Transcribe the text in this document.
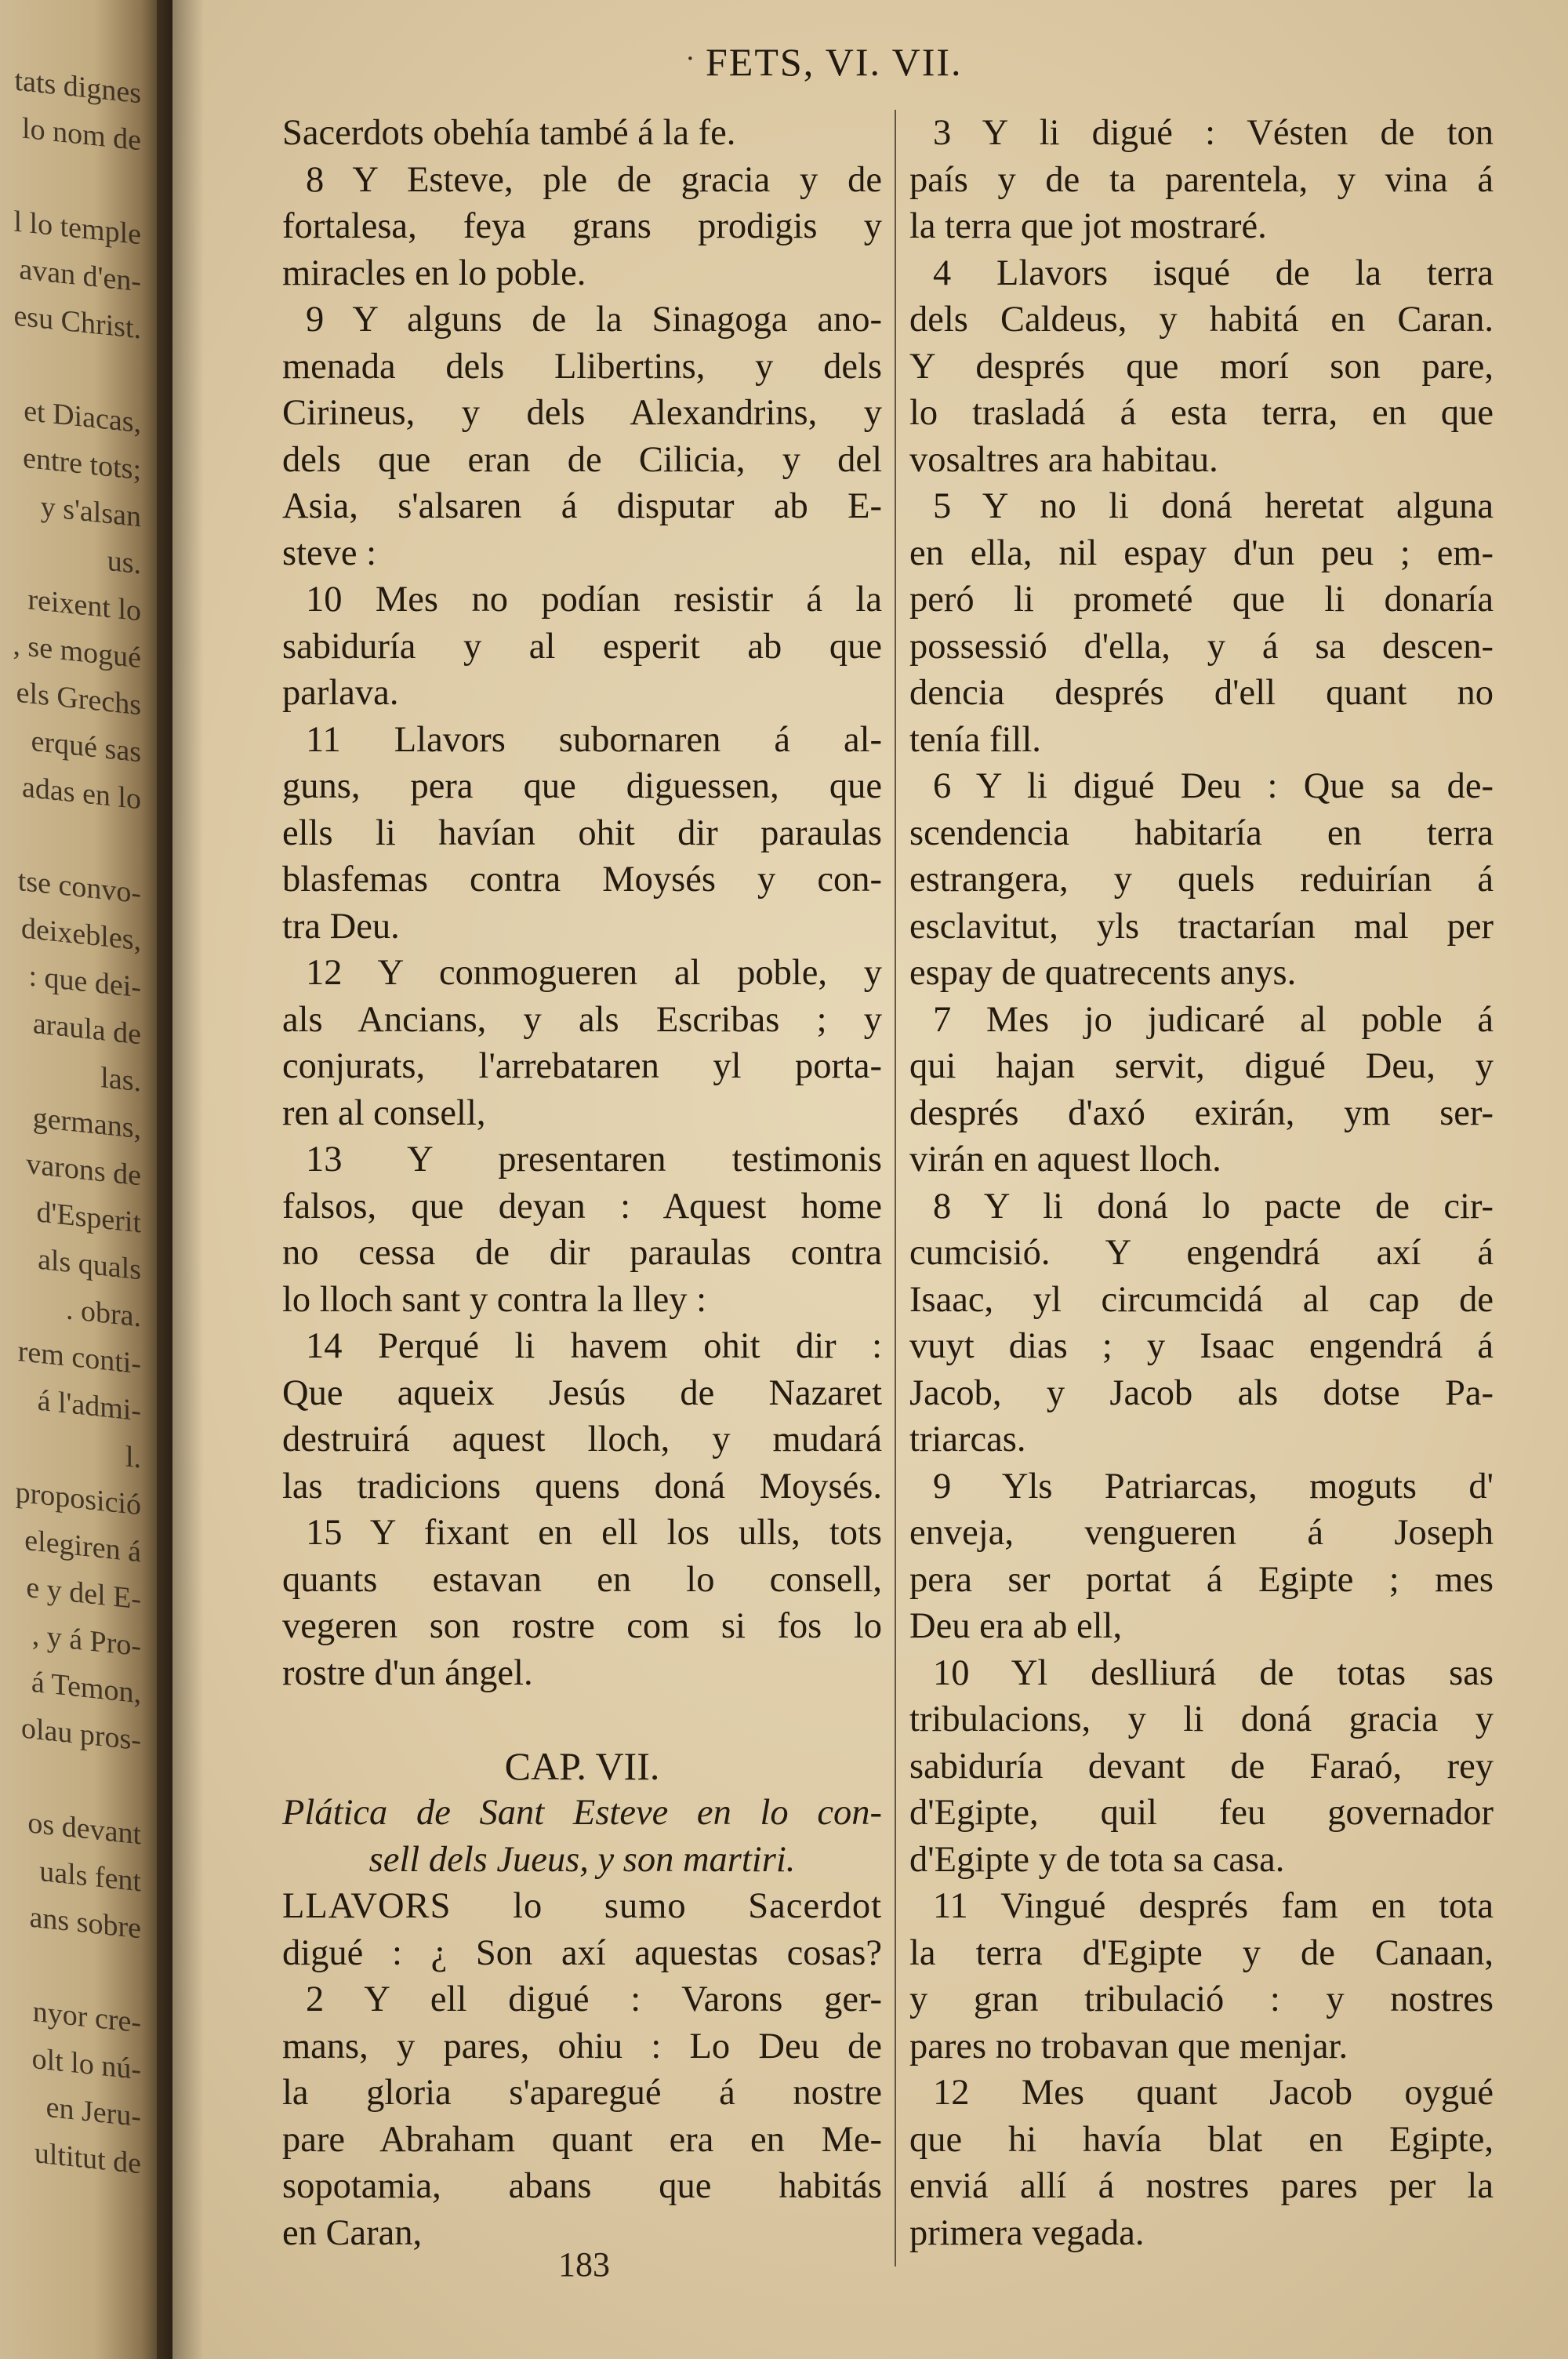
tats dignes
lo nom de

l lo temple
avan d'en-
esu Christ.

et Diacas,
entre tots;
y s'alsan
us.
reixent lo
, se mogué
els Grechs
erqué sas
adas en lo

tse convo-
deixebles,
: que dei-
araula de
las.
germans,
varons de
d'Esperit
als quals
. obra.
rem conti-
á l'admi-
l.
proposició
elegiren á
e y del E-
, y á Pro-
á Temon,
olau pros-

os devant
uals fent
ans sobre

nyor cre-
olt lo nú-
en Jeru-
ultitut de
· FETS, VI. VII.
Sacerdots obehía també á la fe.
8 Y Esteve, ple de gracia y de
fortalesa, feya grans prodigis y
miracles en lo poble.
9 Y alguns de la Sinagoga ano-
menada dels Llibertins, y dels
Cirineus, y dels Alexandrins, y
dels que eran de Cilicia, y del
Asia, s'alsaren á disputar ab E-
steve :
10 Mes no podían resistir á la
sabiduría y al esperit ab que
parlava.
11 Llavors subornaren á al-
guns, pera que diguessen, que
ells li havían ohit dir paraulas
blasfemas contra Moysés y con-
tra Deu.
12 Y conmogueren al poble, y
als Ancians, y als Escribas ; y
conjurats, l'arrebataren yl porta-
ren al consell,
13 Y presentaren testimonis
falsos, que deyan : Aquest home
no cessa de dir paraulas contra
lo lloch sant y contra la lley :
14 Perqué li havem ohit dir :
Que aqueix Jesús de Nazaret
destruirá aquest lloch, y mudará
las tradicions quens doná Moysés.
15 Y fixant en ell los ulls, tots
quants estavan en lo consell,
vegeren son rostre com si fos lo
rostre d'un ángel.
CAP. VII.
Plática de Sant Esteve en lo con-
sell dels Jueus, y son martiri.
LLAVORS lo sumo Sacerdot
digué : ¿ Son axí aquestas cosas?
2 Y ell digué : Varons ger-
mans, y pares, ohiu : Lo Deu de
la gloria s'aparegué á nostre
pare Abraham quant era en Me-
sopotamia, abans que habitás
en Caran,
3 Y li digué : Vésten de ton
país y de ta parentela, y vina á
la terra que jot mostraré.
4 Llavors isqué de la terra
dels Caldeus, y habitá en Caran.
Y després que morí son pare,
lo trasladá á esta terra, en que
vosaltres ara habitau.
5 Y no li doná heretat alguna
en ella, nil espay d'un peu ; em-
peró li prometé que li donaría
possessió d'ella, y á sa descen-
dencia després d'ell quant no
tenía fill.
6 Y li digué Deu : Que sa de-
scendencia habitaría en terra
estrangera, y quels reduirían á
esclavitut, yls tractarían mal per
espay de quatrecents anys.
7 Mes jo judicaré al poble á
qui hajan servit, digué Deu, y
després d'axó exirán, ym ser-
virán en aquest lloch.
8 Y li doná lo pacte de cir-
cumcisió. Y engendrá axí á
Isaac, yl circumcidá al cap de
vuyt dias ; y Isaac engendrá á
Jacob, y Jacob als dotse Pa-
triarcas.
9 Yls Patriarcas, moguts d'
enveja, vengueren á Joseph
pera ser portat á Egipte ; mes
Deu era ab ell,
10 Yl deslliurá de totas sas
tribulacions, y li doná gracia y
sabiduría devant de Faraó, rey
d'Egipte, quil feu governador
d'Egipte y de tota sa casa.
11 Vingué després fam en tota
la terra d'Egipte y de Canaan,
y gran tribulació : y nostres
pares no trobavan que menjar.
12 Mes quant Jacob oygué
que hi havía blat en Egipte,
enviá allí á nostres pares per la
primera vegada.
183
